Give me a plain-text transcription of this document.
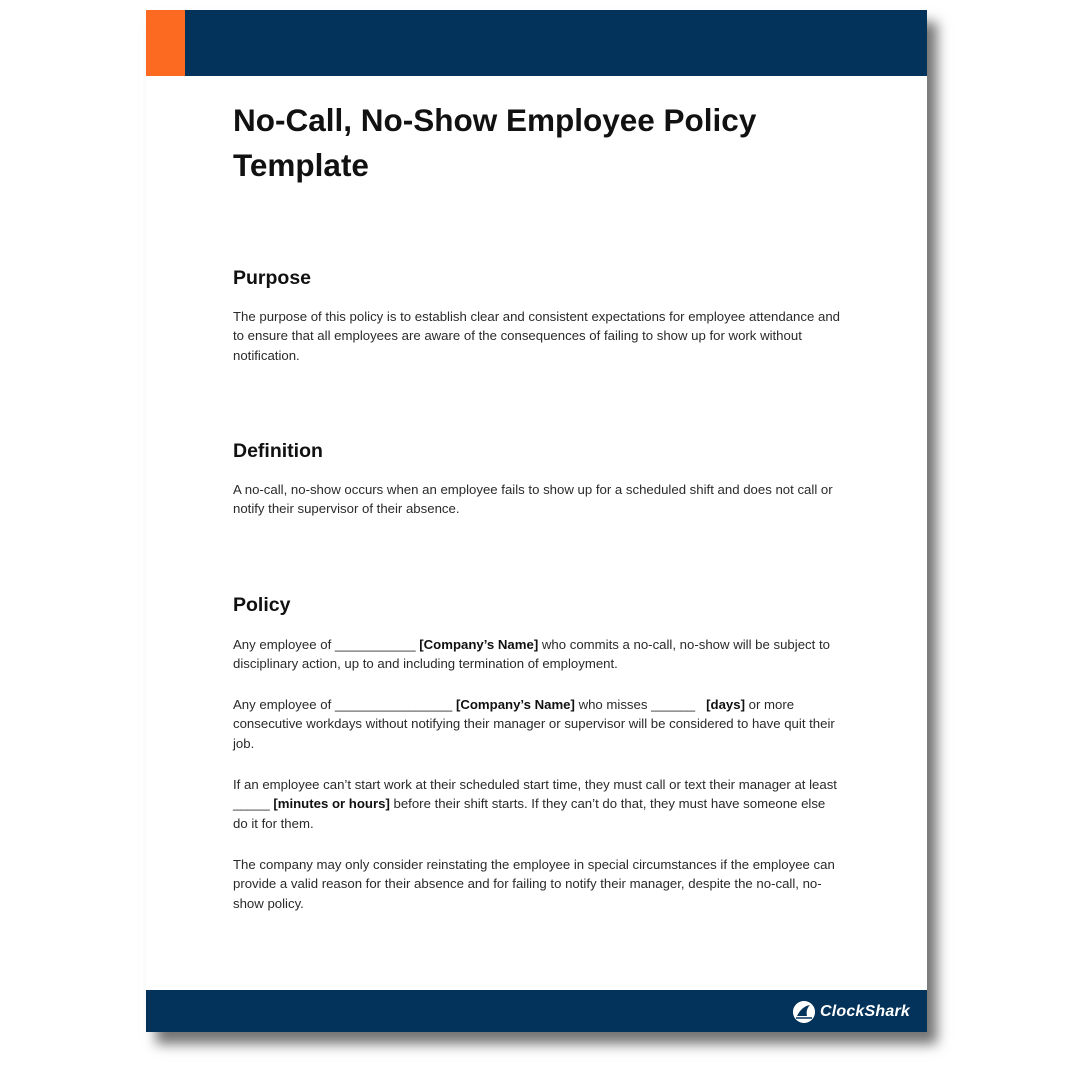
No-Call, No-Show Employee Policy Template
Purpose

The purpose of this policy is to establish clear and consistent expectations for employee attendance and to ensure that all employees are aware of the consequences of failing to show up for work without notification.

Definition

A no-call, no-show occurs when an employee fails to show up for a scheduled shift and does not call or notify their supervisor of their absence.

Policy

Any employee of ___________ [Company’s Name] who commits a no-call, no-show will be subject to disciplinary action, up to and including termination of employment.

Any employee of ________________ [Company’s Name] who misses ______ [days] or more consecutive workdays without notifying their manager or supervisor will be considered to have quit their job.

If an employee can’t start work at their scheduled start time, they must call or text their manager at least _____ [minutes or hours] before their shift starts. If they can’t do that, they must have someone else do it for them.

The company may only consider reinstating the employee in special circumstances if the employee can provide a valid reason for their absence and for failing to notify their manager, despite the no-call, no-show policy.

ClockShark
